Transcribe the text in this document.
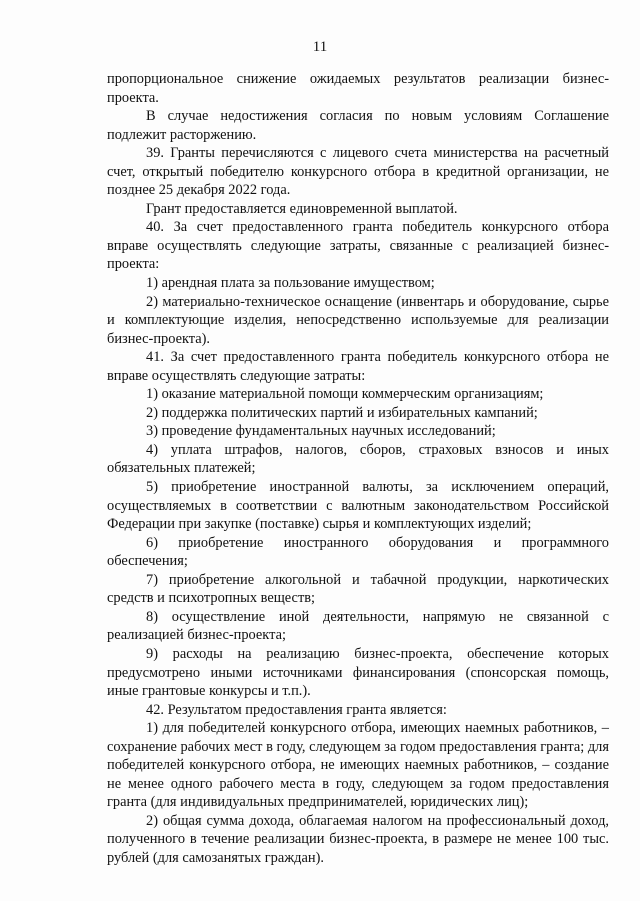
11

пропорциональное снижение ожидаемых результатов реализации бизнес-проекта.

В случае недостижения согласия по новым условиям Соглашение подлежит расторжению.

39. Гранты перечисляются с лицевого счета министерства на расчетный счет, открытый победителю конкурсного отбора в кредитной организации, не позднее 25 декабря 2022 года.

Грант предоставляется единовременной выплатой.

40. За счет предоставленного гранта победитель конкурсного отбора вправе осуществлять следующие затраты, связанные с реализацией бизнес-проекта:

1) арендная плата за пользование имуществом;

2) материально-техническое оснащение (инвентарь и оборудование, сырье и комплектующие изделия, непосредственно используемые для реализации бизнес-проекта).

41. За счет предоставленного гранта победитель конкурсного отбора не вправе осуществлять следующие затраты:

1) оказание материальной помощи коммерческим организациям;

2) поддержка политических партий и избирательных кампаний;

3) проведение фундаментальных научных исследований;

4) уплата штрафов, налогов, сборов, страховых взносов и иных обязательных платежей;

5) приобретение иностранной валюты, за исключением операций, осуществляемых в соответствии с валютным законодательством Российской Федерации при закупке (поставке) сырья и комплектующих изделий;

6) приобретение иностранного оборудования и программного обеспечения;

7) приобретение алкогольной и табачной продукции, наркотических средств и психотропных веществ;

8) осуществление иной деятельности, напрямую не связанной с реализацией бизнес-проекта;

9) расходы на реализацию бизнес-проекта, обеспечение которых предусмотрено иными источниками финансирования (спонсорская помощь, иные грантовые конкурсы и т.п.).

42. Результатом предоставления гранта является:

1) для победителей конкурсного отбора, имеющих наемных работников, – сохранение рабочих мест в году, следующем за годом предоставления гранта; для победителей конкурсного отбора, не имеющих наемных работников, – создание не менее одного рабочего места в году, следующем за годом предоставления гранта (для индивидуальных предпринимателей, юридических лиц);

2) общая сумма дохода, облагаемая налогом на профессиональный доход, полученного в течение реализации бизнес-проекта, в размере не менее 100 тыс. рублей (для самозанятых граждан).
